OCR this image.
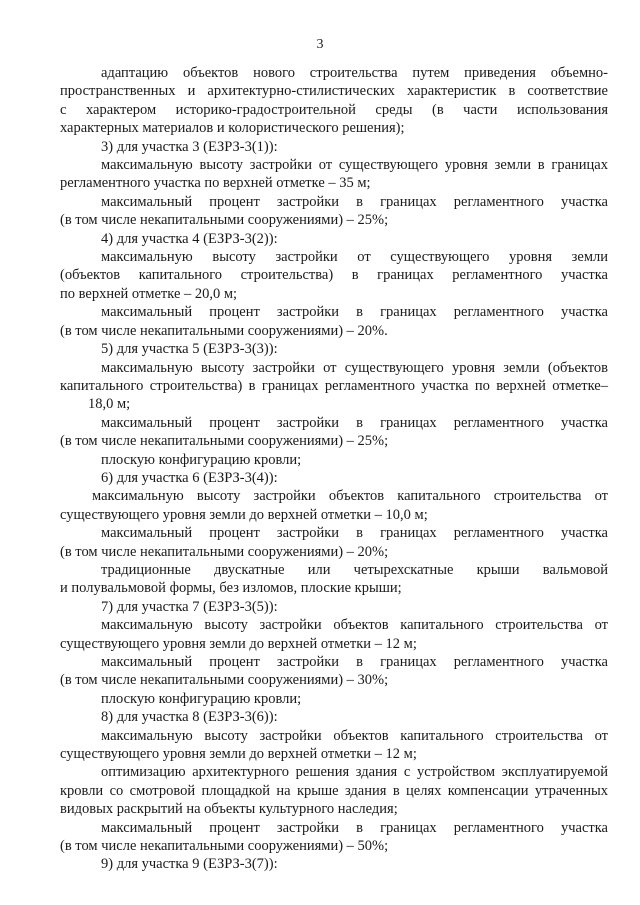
3

адаптацию объектов нового строительства путем приведения объемно-

пространственных и архитектурно-стилистических характеристик в соответствие

с характером историко-градостроительной среды (в части использования

характерных материалов и колористического решения);

3) для участка 3 (ЕЗРЗ-3(1)):

максимальную высоту застройки от существующего уровня земли в границах

регламентного участка по верхней отметке – 35 м;

максимальный процент застройки в границах регламентного участка

(в том числе некапитальными сооружениями) – 25%;

4) для участка 4 (ЕЗРЗ-3(2)):

максимальную высоту застройки от существующего уровня земли

(объектов капитального строительства) в границах регламентного участка

по верхней отметке – 20,0 м;

максимальный процент застройки в границах регламентного участка

(в том числе некапитальными сооружениями) – 20%.

5) для участка 5 (ЕЗРЗ-3(3)):

максимальную высоту застройки от существующего уровня земли (объектов

капитального строительства) в границах регламентного участка по верхней отметке–

18,0 м;

максимальный процент застройки в границах регламентного участка

(в том числе некапитальными сооружениями) – 25%;

плоскую конфигурацию кровли;

6) для участка 6 (ЕЗРЗ-3(4)):

максимальную высоту застройки объектов капитального строительства от

существующего уровня земли до верхней отметки – 10,0 м;

максимальный процент застройки в границах регламентного участка

(в том числе некапитальными сооружениями) – 20%;

традиционные двускатные или четырехскатные крыши вальмовой

и полувальмовой формы, без изломов, плоские крыши;

7) для участка 7 (ЕЗРЗ-3(5)):

максимальную высоту застройки объектов капитального строительства от

существующего уровня земли до верхней отметки – 12 м;

максимальный процент застройки в границах регламентного участка

(в том числе некапитальными сооружениями) – 30%;

плоскую конфигурацию кровли;

8) для участка 8 (ЕЗРЗ-3(6)):

максимальную высоту застройки объектов капитального строительства от

существующего уровня земли до верхней отметки – 12 м;

оптимизацию архитектурного решения здания с устройством эксплуатируемой

кровли со смотровой площадкой на крыше здания в целях компенсации утраченных

видовых раскрытий на объекты культурного наследия;

максимальный процент застройки в границах регламентного участка

(в том числе некапитальными сооружениями) – 50%;

9) для участка 9 (ЕЗРЗ-3(7)):
